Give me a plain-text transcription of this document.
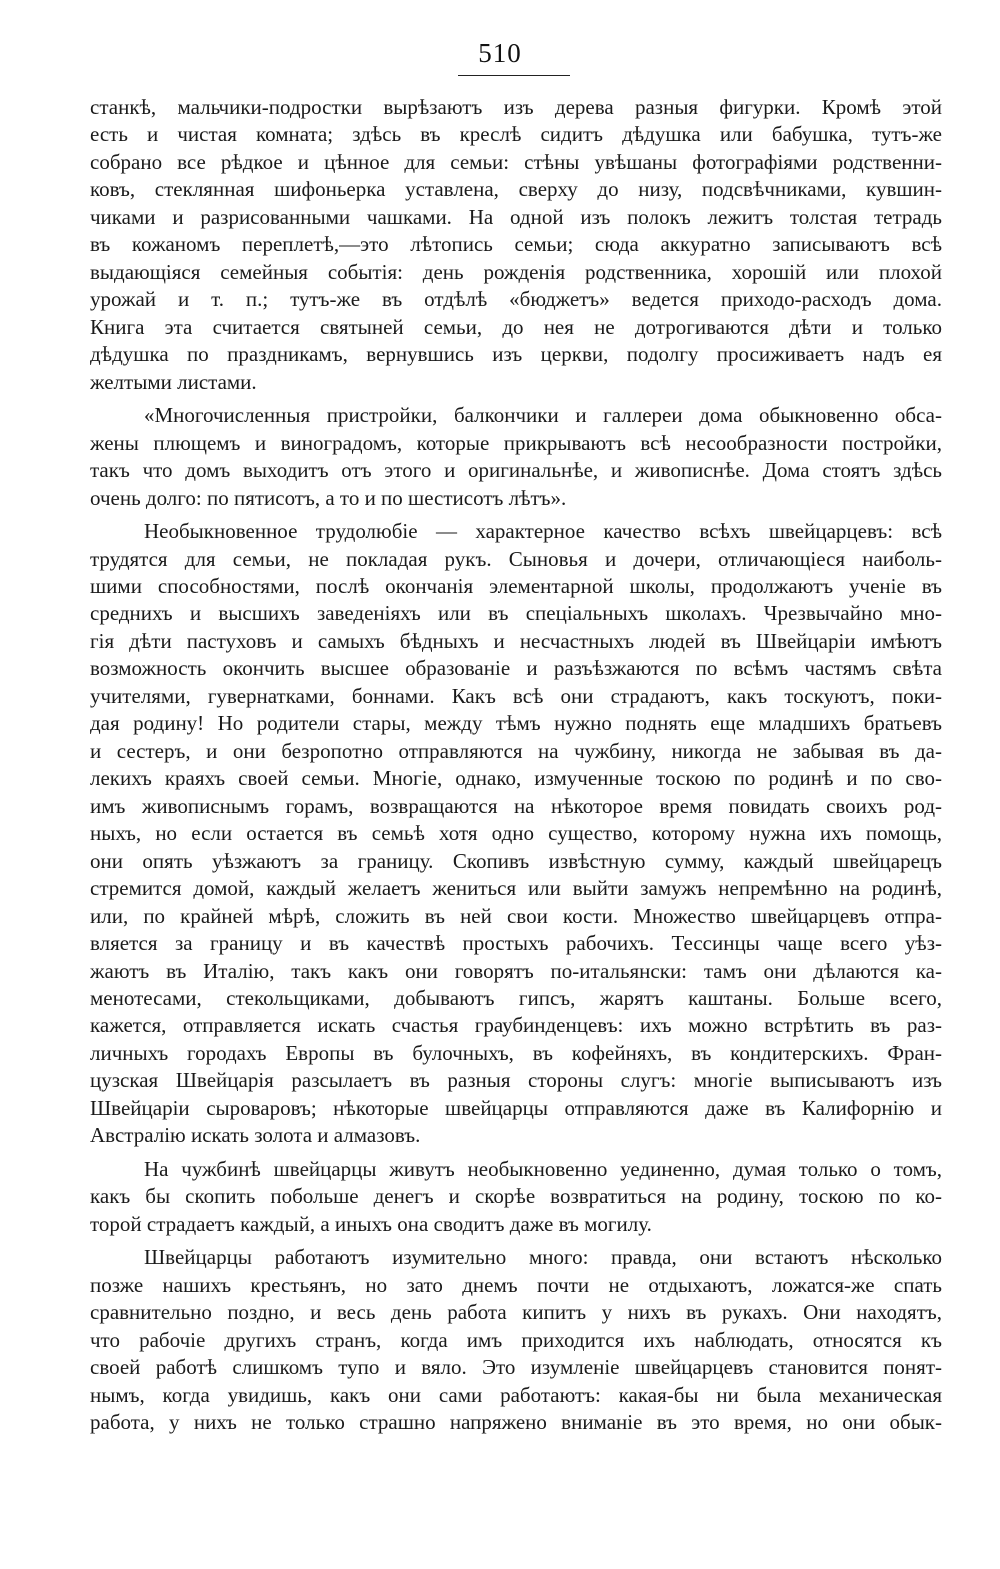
510
станкѣ, мальчики-подростки вырѣзаютъ изъ дерева разныя фигурки. Кромѣ этой
есть и чистая комната; здѣсь въ креслѣ сидитъ дѣдушка или бабушка, тутъ-же
собрано все рѣдкое и цѣнное для семьи: стѣны увѣшаны фотографіями родственни-
ковъ, стеклянная шифоньерка уставлена, сверху до низу, подсвѣчниками, кувшин-
чиками и разрисованными чашками. На одной изъ полокъ лежитъ толстая тетрадь
въ кожаномъ переплетѣ,—это лѣтопись семьи; сюда аккуратно записываютъ всѣ
выдающіяся семейныя событія: день рожденія родственника, хорошій или плохой
урожай и т. п.; тутъ-же въ отдѣлѣ «бюджетъ» ведется приходо-расходъ дома.
Книга эта считается святыней семьи, до нея не дотрогиваются дѣти и только
дѣдушка по праздникамъ, вернувшись изъ церкви, подолгу просиживаетъ надъ ея
желтыми листами.
«Многочисленныя пристройки, балкончики и галлереи дома обыкновенно обса-
жены плющемъ и виноградомъ, которые прикрываютъ всѣ несообразности постройки,
такъ что домъ выходитъ отъ этого и оригинальнѣе, и живописнѣе. Дома стоятъ здѣсь
очень долго: по пятисотъ, а то и по шестисотъ лѣтъ».
Необыкновенное трудолюбіе — характерное качество всѣхъ швейцарцевъ: всѣ
трудятся для семьи, не покладая рукъ. Сыновья и дочери, отличающіеся наиболь-
шими способностями, послѣ окончанія элементарной школы, продолжаютъ ученіе въ
среднихъ и высшихъ заведеніяхъ или въ спеціальныхъ школахъ. Чрезвычайно мно-
гія дѣти пастуховъ и самыхъ бѣдныхъ и несчастныхъ людей въ Швейцаріи имѣютъ
возможность окончить высшее образованіе и разъѣзжаются по всѣмъ частямъ свѣта
учителями, гувернатками, боннами. Какъ всѣ они страдаютъ, какъ тоскуютъ, поки-
дая родину! Но родители стары, между тѣмъ нужно поднять еще младшихъ братьевъ
и сестеръ, и они безропотно отправляются на чужбину, никогда не забывая въ да-
лекихъ краяхъ своей семьи. Многіе, однако, измученные тоскою по родинѣ и по сво-
имъ живописнымъ горамъ, возвращаются на нѣкоторое время повидать своихъ род-
ныхъ, но если остается въ семьѣ хотя одно существо, которому нужна ихъ помощь,
они опять уѣзжаютъ за границу. Скопивъ извѣстную сумму, каждый швейцарецъ
стремится домой, каждый желаетъ жениться или выйти замужъ непремѣнно на родинѣ,
или, по крайней мѣрѣ, сложить въ ней свои кости. Множество швейцарцевъ отпра-
вляется за границу и въ качествѣ простыхъ рабочихъ. Тессинцы чаще всего уѣз-
жаютъ въ Италію, такъ какъ они говорятъ по-итальянски: тамъ они дѣлаются ка-
менотесами, стекольщиками, добываютъ гипсъ, жарятъ каштаны. Больше всего,
кажется, отправляется искать счастья граубинденцевъ: ихъ можно встрѣтить въ раз-
личныхъ городахъ Европы въ булочныхъ, въ кофейняхъ, въ кондитерскихъ. Фран-
цузская Швейцарія разсылаетъ въ разныя стороны слугъ: многіе выписываютъ изъ
Швейцаріи сыроваровъ; нѣкоторые швейцарцы отправляются даже въ Калифорнію и
Австралію искать золота и алмазовъ.
На чужбинѣ швейцарцы живутъ необыкновенно уединенно, думая только о томъ,
какъ бы скопить побольше денегъ и скорѣе возвратиться на родину, тоскою по ко-
торой страдаетъ каждый, а иныхъ она сводитъ даже въ могилу.
Швейцарцы работаютъ изумительно много: правда, они встаютъ нѣсколько
позже нашихъ крестьянъ, но зато днемъ почти не отдыхаютъ, ложатся-же спать
сравнительно поздно, и весь день работа кипитъ у нихъ въ рукахъ. Они находятъ,
что рабочіе другихъ странъ, когда имъ приходится ихъ наблюдать, относятся къ
своей работѣ слишкомъ тупо и вяло. Это изумленіе швейцарцевъ становится понят-
нымъ, когда увидишь, какъ они сами работаютъ: какая-бы ни была механическая
работа, у нихъ не только страшно напряжено вниманіе въ это время, но они обык-
